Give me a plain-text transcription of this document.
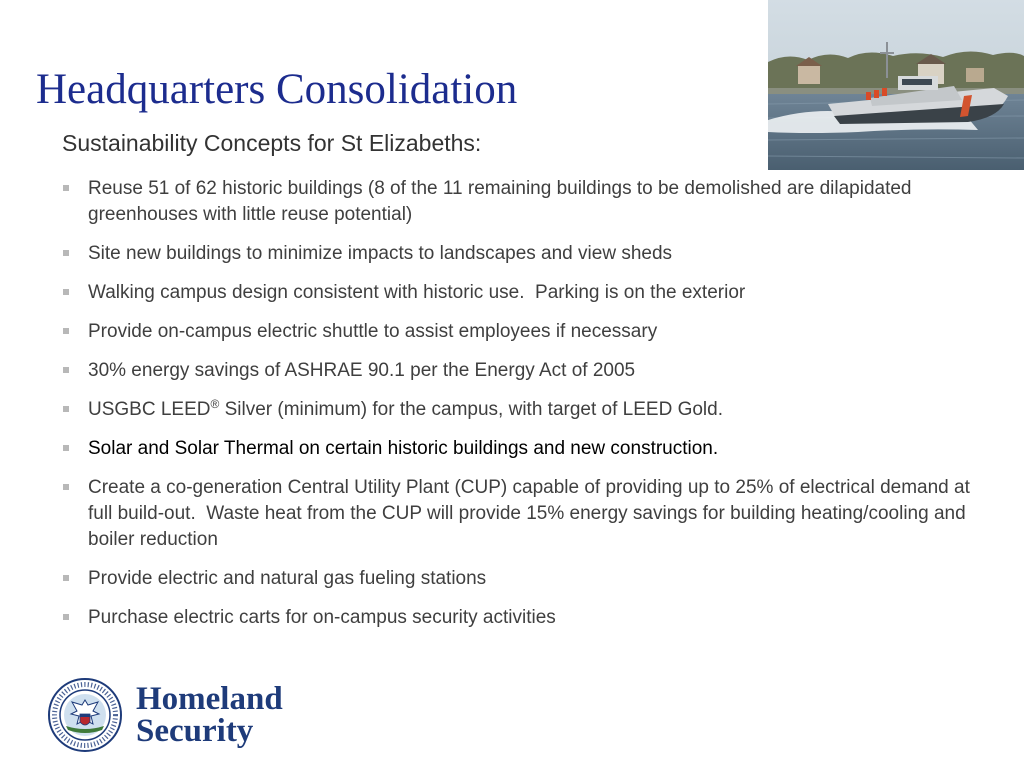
Headquarters Consolidation
Sustainability Concepts for St Elizabeths:
Reuse 51 of 62 historic buildings (8 of the 11 remaining buildings to be demolished are dilapidated greenhouses with little reuse potential)
Site new buildings to minimize impacts to landscapes and view sheds
Walking campus design consistent with historic use.  Parking is on the exterior
Provide on-campus electric shuttle to assist employees if necessary
30% energy savings of ASHRAE 90.1 per the Energy Act of 2005
USGBC LEED® Silver (minimum) for the campus, with target of LEED Gold.
Solar and Solar Thermal on certain historic buildings and new construction.
Create a co-generation Central Utility Plant (CUP) capable of providing up to 25% of electrical demand at full build-out.  Waste heat from the CUP will provide 15% energy savings for building heating/cooling and boiler reduction
Provide electric and natural gas fueling stations
Purchase electric carts for on-campus security activities
Homeland
Security
